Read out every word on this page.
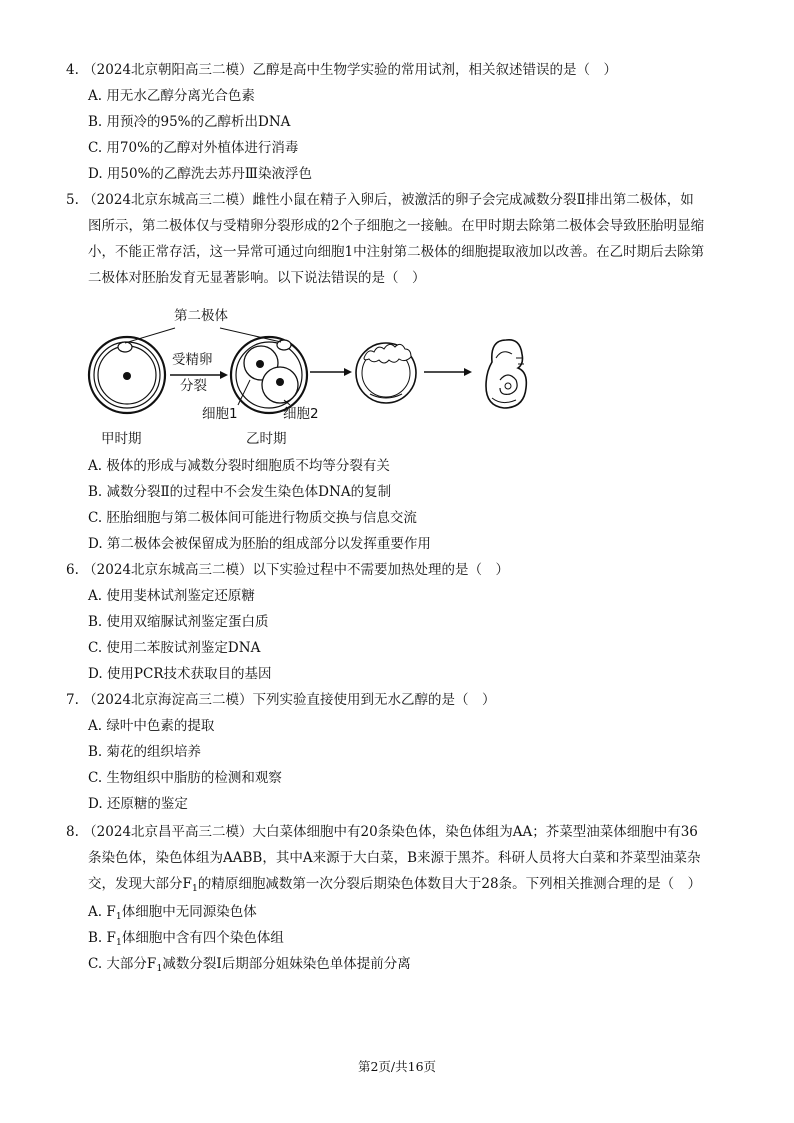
4. （2024北京朝阳高三二模）乙醇是高中生物学实验的常用试剂，相关叙述错误的是（　）
A. 用无水乙醇分离光合色素
B. 用预冷的95%的乙醇析出DNA
C. 用70%的乙醇对外植体进行消毒
D. 用50%的乙醇洗去苏丹Ⅲ染液浮色
5. （2024北京东城高三二模）雌性小鼠在精子入卵后，被激活的卵子会完成减数分裂Ⅱ排出第二极体，如
图所示，第二极体仅与受精卵分裂形成的2个子细胞之一接触。在甲时期去除第二极体会导致胚胎明显缩
小，不能正常存活，这一异常可通过向细胞1中注射第二极体的细胞提取液加以改善。在乙时期后去除第
二极体对胚胎发育无显著影响。以下说法错误的是（　）
受精卵
分裂
第二极体
细胞1	细胞2
甲时期	乙时期
A. 极体的形成与减数分裂时细胞质不均等分裂有关
B. 减数分裂Ⅱ的过程中不会发生染色体DNA的复制
C. 胚胎细胞与第二极体间可能进行物质交换与信息交流
D. 第二极体会被保留成为胚胎的组成部分以发挥重要作用
6. （2024北京东城高三二模）以下实验过程中不需要加热处理的是（　）
A. 使用斐林试剂鉴定还原糖
B. 使用双缩脲试剂鉴定蛋白质
C. 使用二苯胺试剂鉴定DNA
D. 使用PCR技术获取目的基因
7. （2024北京海淀高三二模）下列实验直接使用到无水乙醇的是（　）
A. 绿叶中色素的提取
B. 菊花的组织培养
C. 生物组织中脂肪的检测和观察
D. 还原糖的鉴定
8. （2024北京昌平高三二模）大白菜体细胞中有20条染色体，染色体组为AA；芥菜型油菜体细胞中有36
条染色体，染色体组为AABB，其中A来源于大白菜，B来源于黑芥。科研人员将大白菜和芥菜型油菜杂
交，发现大部分$F_1$的精原细胞减数第一次分裂后期染色体数目大于28条。下列相关推测合理的是（　）
A. $F_1$体细胞中无同源染色体
B. $F_1$体细胞中含有四个染色体组
C. 大部分$F_1$减数分裂Ⅰ后期部分姐妹染色单体提前分离
第2页/共16页
